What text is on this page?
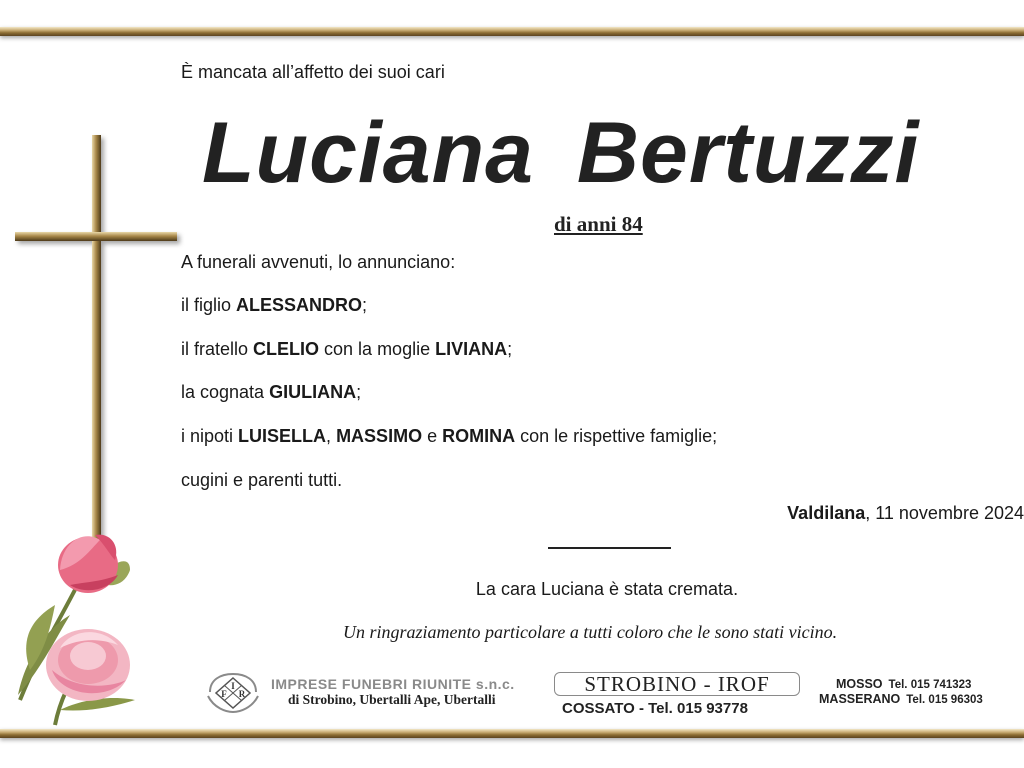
È mancata all’affetto dei suoi cari
Luciana Bertuzzi
di anni 84
A funerali avvenuti, lo annunciano:
il figlio ALESSANDRO;
il fratello CLELIO con la moglie LIVIANA;
la cognata GIULIANA;
i nipoti LUISELLA, MASSIMO e ROMINA con le rispettive famiglie;
cugini e parenti tutti.
Valdilana, 11 novembre 2024
La cara Luciana è stata cremata.
Un ringraziamento particolare a tutti coloro che le sono stati vicino.
I
F R
IMPRESE FUNEBRI RIUNITE s.n.c.
di Strobino, Ubertalli Ape, Ubertalli
STROBINO - IROF
COSSATO - Tel. 015 93778
MOSSO Tel. 015 741323
MASSERANO Tel. 015 96303
